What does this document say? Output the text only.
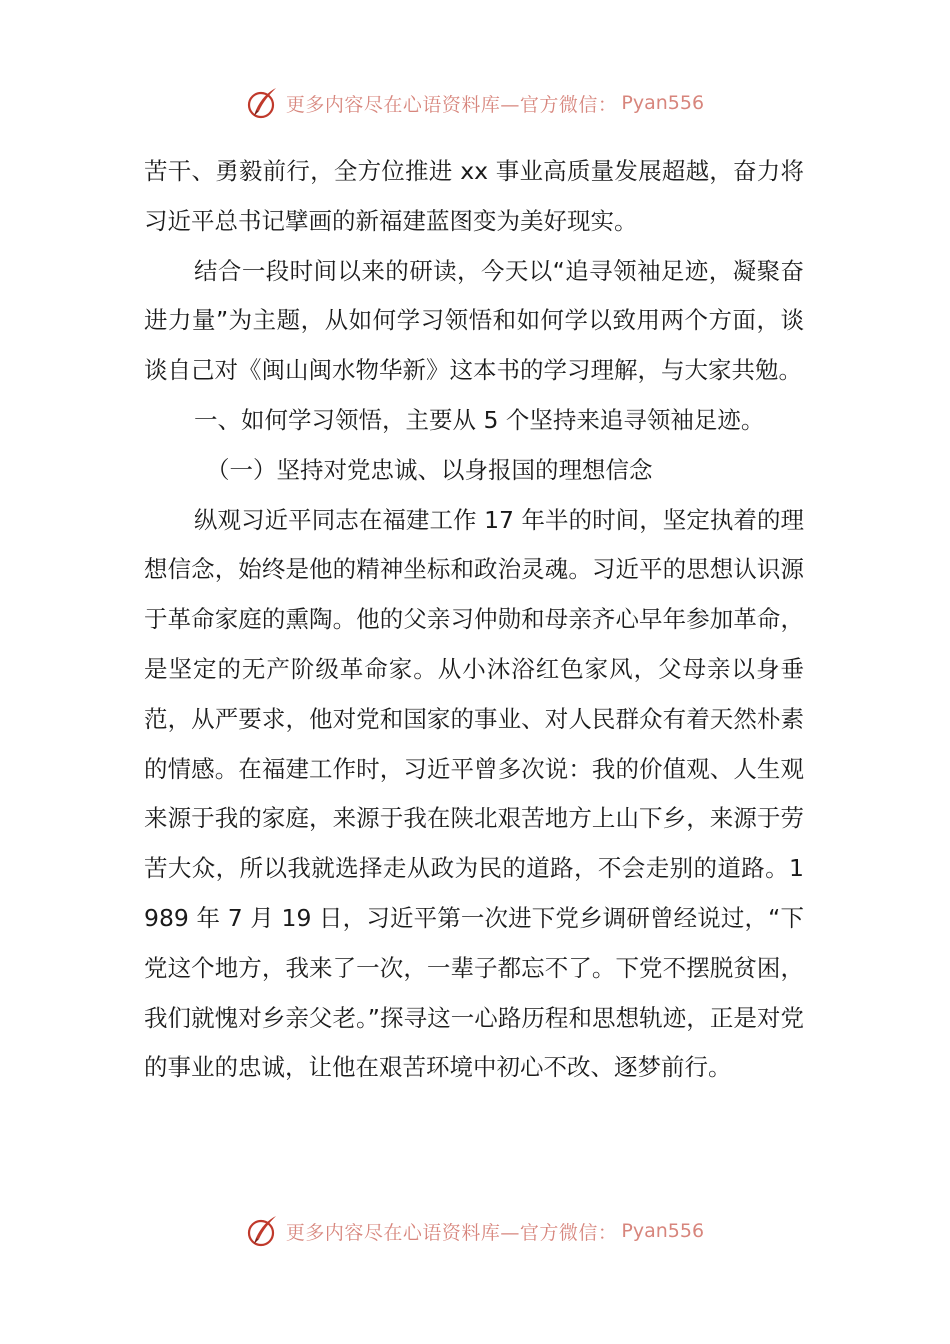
更多内容尽在心语资料库—官方微信： Pyan556

苦干、勇毅前行，全方位推进 xx 事业高质量发展超越，奋力将习近平总书记擘画的新福建蓝图变为美好现实。

结合一段时间以来的研读，今天以“追寻领袖足迹，凝聚奋进力量”为主题，从如何学习领悟和如何学以致用两个方面，谈谈自己对《闽山闽水物华新》这本书的学习理解，与大家共勉。

一、如何学习领悟，主要从 5 个坚持来追寻领袖足迹。

（一）坚持对党忠诚、以身报国的理想信念

纵观习近平同志在福建工作 17 年半的时间，坚定执着的理想信念，始终是他的精神坐标和政治灵魂。习近平的思想认识源于革命家庭的熏陶。他的父亲习仲勋和母亲齐心早年参加革命，是坚定的无产阶级革命家。从小沐浴红色家风，父母亲以身垂范，从严要求，他对党和国家的事业、对人民群众有着天然朴素的情感。在福建工作时，习近平曾多次说：我的价值观、人生观来源于我的家庭，来源于我在陕北艰苦地方上山下乡，来源于劳苦大众，所以我就选择走从政为民的道路，不会走别的道路。1989 年 7 月 19 日，习近平第一次进下党乡调研曾经说过，“下党这个地方，我来了一次，一辈子都忘不了。下党不摆脱贫困，我们就愧对乡亲父老。”探寻这一心路历程和思想轨迹，正是对党的事业的忠诚，让他在艰苦环境中初心不改、逐梦前行。

更多内容尽在心语资料库—官方微信： Pyan556
